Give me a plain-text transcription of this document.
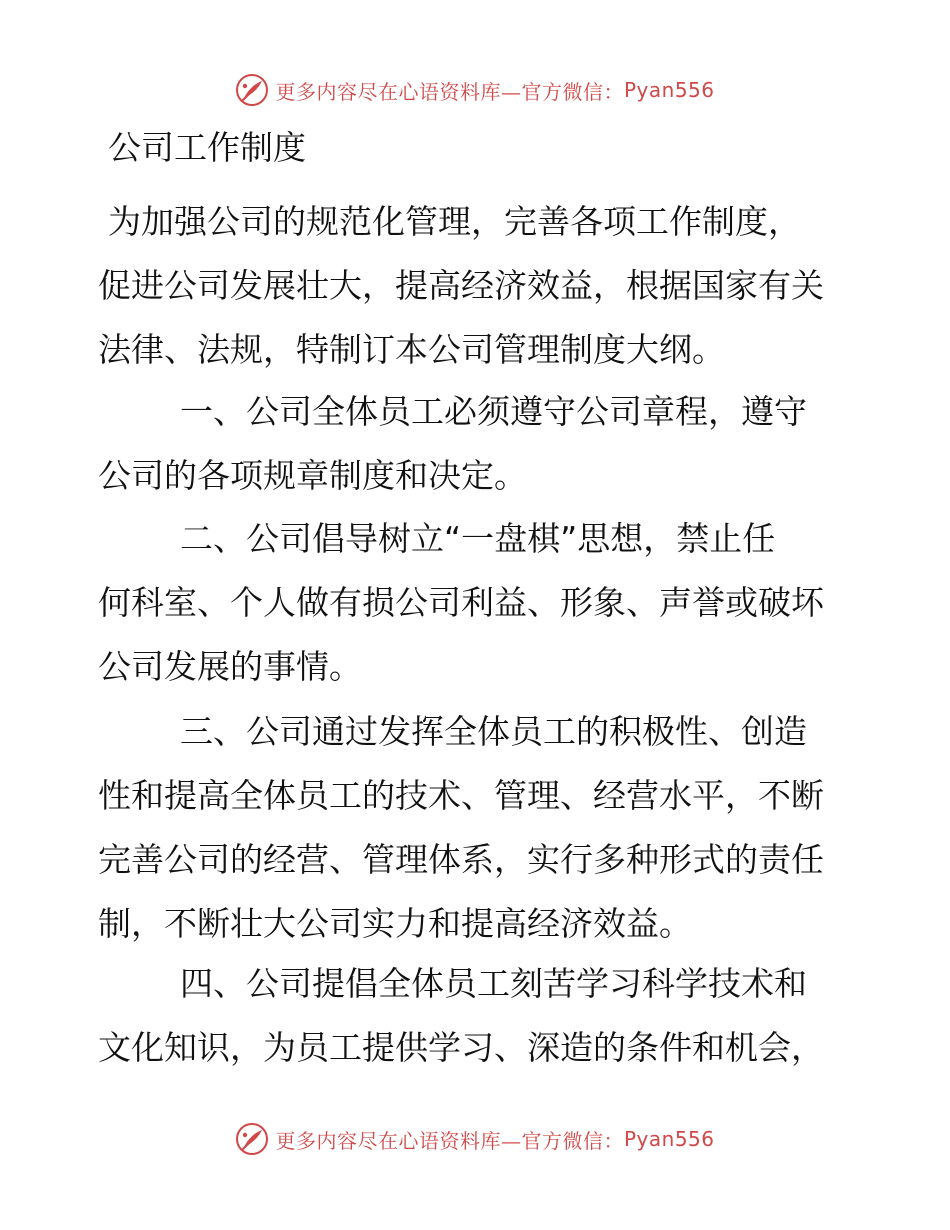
更多内容尽在心语资料库—官方微信： Pyan556
公司工作制度

为加强公司的规范化管理，完善各项工作制度，
促进公司发展壮大，提高经济效益，根据国家有关
法律、法规，特制订本公司管理制度大纲。

一、公司全体员工必须遵守公司章程，遵守
公司的各项规章制度和决定。

二、公司倡导树立“一盘棋”思想，禁止任
何科室、个人做有损公司利益、形象、声誉或破坏
公司发展的事情。

三、公司通过发挥全体员工的积极性、创造
性和提高全体员工的技术、管理、经营水平，不断
完善公司的经营、管理体系，实行多种形式的责任
制，不断壮大公司实力和提高经济效益。

四、公司提倡全体员工刻苦学习科学技术和
文化知识，为员工提供学习、深造的条件和机会，

更多内容尽在心语资料库—官方微信： Pyan556
